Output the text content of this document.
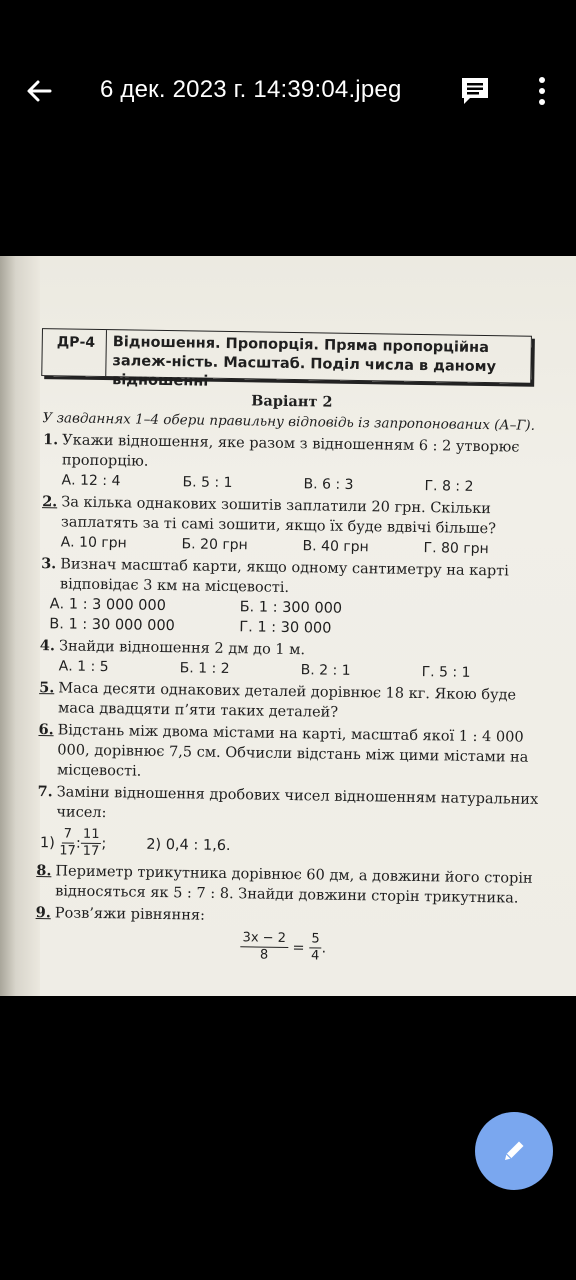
6 дек. 2023 г. 14:39:04.jpeg
ДР-4	Відношення. Пропорція. Пряма пропорційна залеж-ність. Масштаб. Поділ числа в даному відношенні
Варіант 2
У завданнях 1–4 обери правильну відповідь із запропонованих (А–Г).
1. Укажи відношення, яке разом з відношенням 6 : 2 утворює пропорцію.
А. 12 : 4	Б. 5 : 1	В. 6 : 3	Г. 8 : 2
2. За кілька однакових зошитів заплатили 20 грн. Скільки заплатять за ті самі зошити, якщо їх буде вдвічі більше?
А. 10 грн	Б. 20 грн	В. 40 грн	Г. 80 грн
3. Визнач масштаб карти, якщо одному сантиметру на карті відповідає 3 км на місцевості.
А. 1 : 3 000 000	Б. 1 : 300 000
В. 1 : 30 000 000	Г. 1 : 30 000
4. Знайди відношення 2 дм до 1 м.
А. 1 : 5	Б. 1 : 2	В. 2 : 1	Г. 5 : 1
5. Маса десяти однакових деталей дорівнює 18 кг. Якою буде маса двадцяти п’яти таких деталей?
6. Відстань між двома містами на карті, масштаб якої 1 : 4 000 000, дорівнює 7,5 см. Обчисли відстань між цими містами на місцевості.
7. Заміни відношення дробових чисел відношенням натуральних чисел:
1)
$\frac{7}{17}$ : $\frac{11}{17}$ ;	2) 0,4 : 1,6.
8. Периметр трикутника дорівнює 60 дм, а довжини його сторін відносяться як 5 : 7 : 8. Знайди довжини сторін трикутника.
9. Розв’яжи рівняння:
$\frac{3x - 2}{8}$
=
$\frac{5}{4}$ .
